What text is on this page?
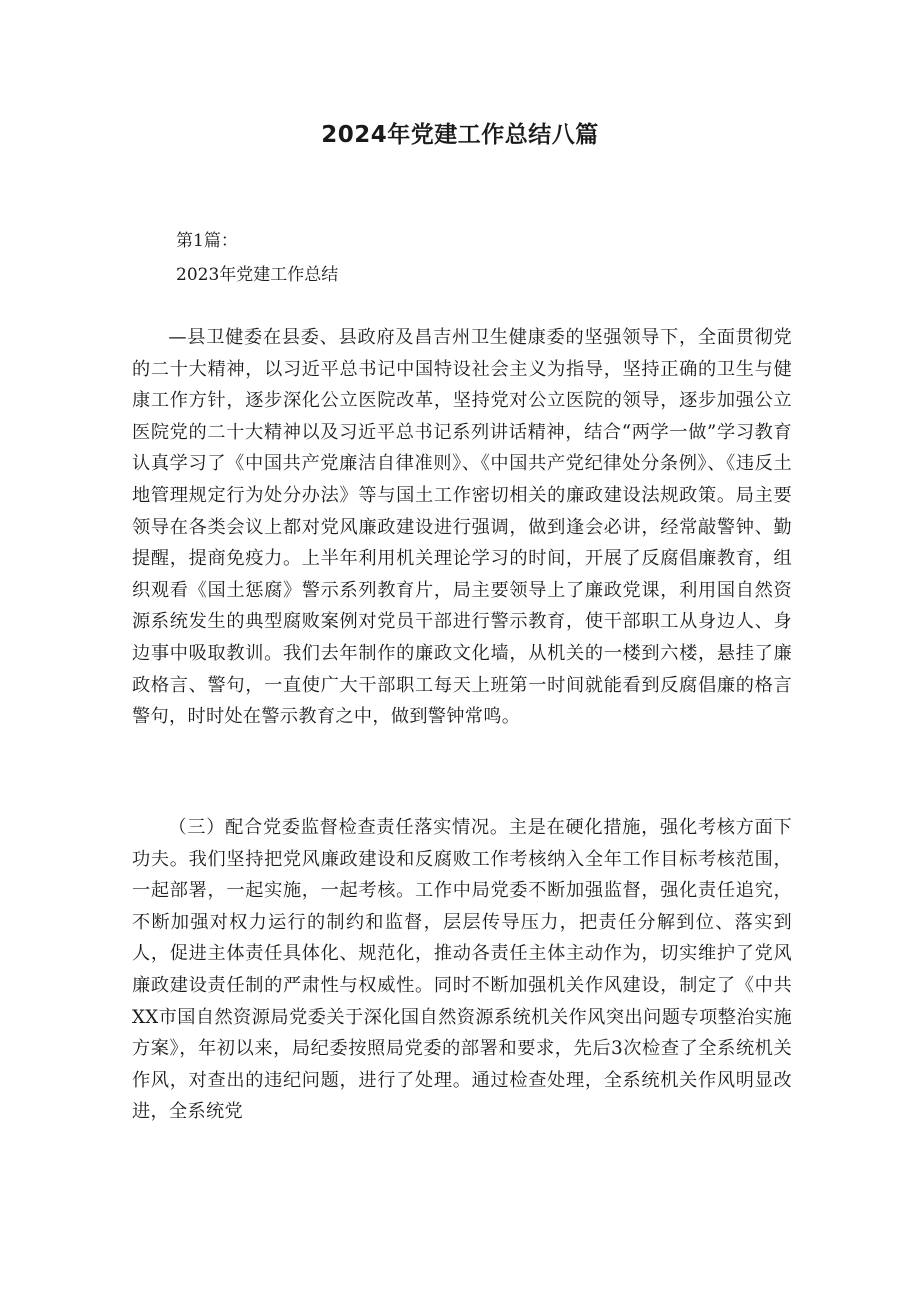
2024年党建工作总结八篇
第1篇：
2023年党建工作总结

—县卫健委在县委、县政府及昌吉州卫生健康委的坚强领导下，全面贯彻党的二十大精神，以习近平总书记中国特设社会主义为指导，坚持正确的卫生与健康工作方针，逐步深化公立医院改革，坚持党对公立医院的领导，逐步加强公立医院党的二十大精神以及习近平总书记系列讲话精神，结合“两学一做”学习教育认真学习了《中国共产党廉洁自律准则》、《中国共产党纪律处分条例》、《违反土地管理规定行为处分办法》等与国土工作密切相关的廉政建设法规政策。局主要领导在各类会议上都对党风廉政建设进行强调，做到逢会必讲，经常敲警钟、勤提醒，提商免疫力。上半年利用机关理论学习的时间，开展了反腐倡廉教育，组织观看《国土惩腐》警示系列教育片，局主要领导上了廉政党课，利用国自然资源系统发生的典型腐败案例对党员干部进行警示教育，使干部职工从身边人、身边事中吸取教训。我们去年制作的廉政文化墙，从机关的一楼到六楼，悬挂了廉政格言、警句，一直使广大干部职工每天上班第一时间就能看到反腐倡廉的格言警句，时时处在警示教育之中，做到警钟常鸣。

（三）配合党委监督检查责任落实情况。主是在硬化措施，强化考核方面下功夫。我们坚持把党风廉政建设和反腐败工作考核纳入全年工作目标考核范围，一起部署，一起实施，一起考核。工作中局党委不断加强监督，强化责任追究，不断加强对权力运行的制约和监督，层层传导压力，把责任分解到位、落实到人，促进主体责任具体化、规范化，推动各责任主体主动作为，切实维护了党风廉政建设责任制的严肃性与权威性。同时不断加强机关作风建设，制定了《中共XX市国自然资源局党委关于深化国自然资源系统机关作风突出问题专项整治实施方案》，年初以来，局纪委按照局党委的部署和要求，先后3次检查了全系统机关作风，对查出的违纪问题，进行了处理。通过检查处理，全系统机关作风明显改进，全系统党
